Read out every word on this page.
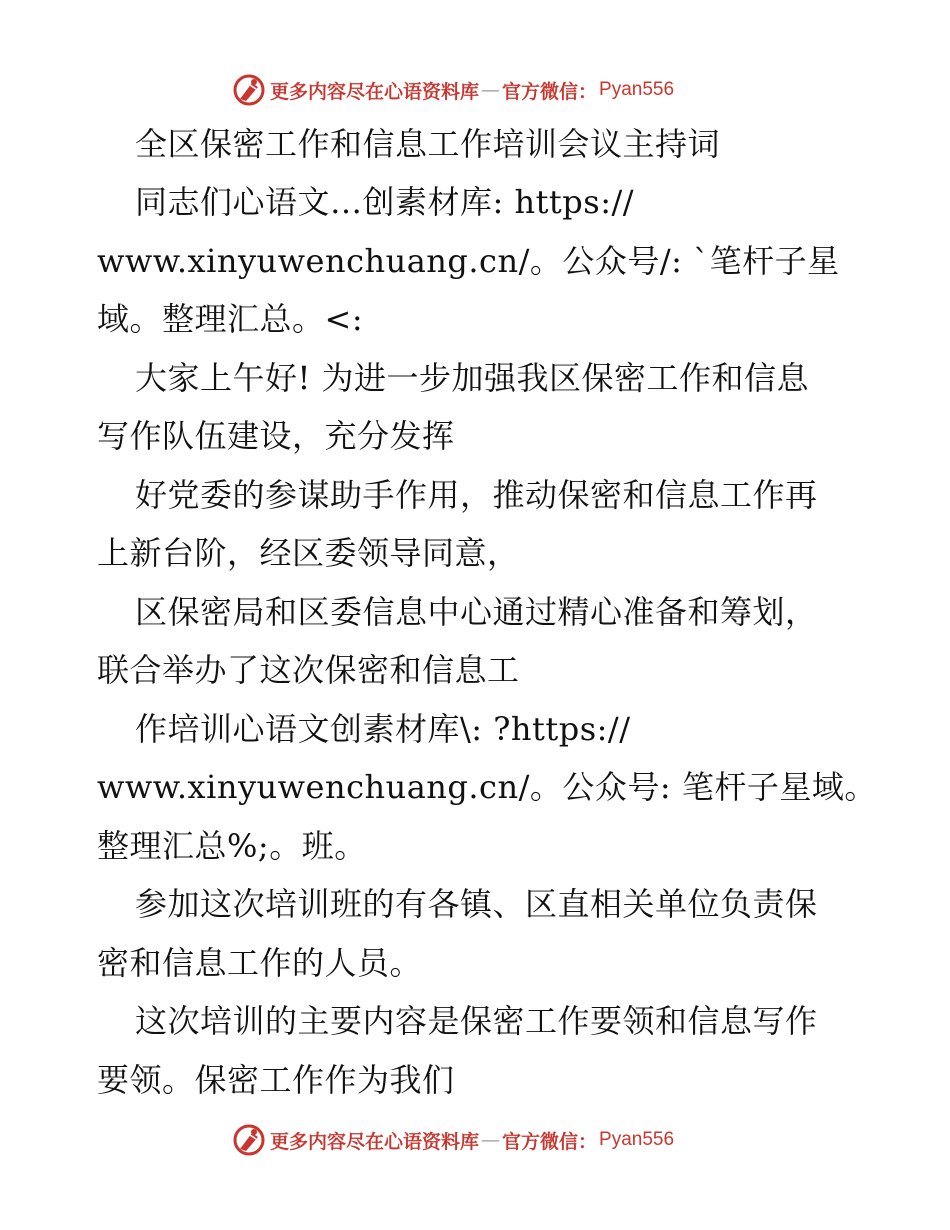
更多内容尽在心语资料库 — 官方微信： Pyan556
全区保密工作和信息工作培训会议主持词
同志们心语文…创素材库: https://
www.xinyuwenchuang.cn/。公众号/: `笔杆子星
域。整理汇总。<:
大家上午好! 为进一步加强我区保密工作和信息
写作队伍建设，充分发挥
好党委的参谋助手作用，推动保密和信息工作再
上新台阶，经区委领导同意，
区保密局和区委信息中心通过精心准备和筹划，
联合举办了这次保密和信息工
作培训心语文创素材库\: ?https://
www.xinyuwenchuang.cn/。公众号: 笔杆子星域。
整理汇总%;。班。
参加这次培训班的有各镇、区直相关单位负责保
密和信息工作的人员。
这次培训的主要内容是保密工作要领和信息写作
要领。保密工作作为我们
更多内容尽在心语资料库 — 官方微信： Pyan556
